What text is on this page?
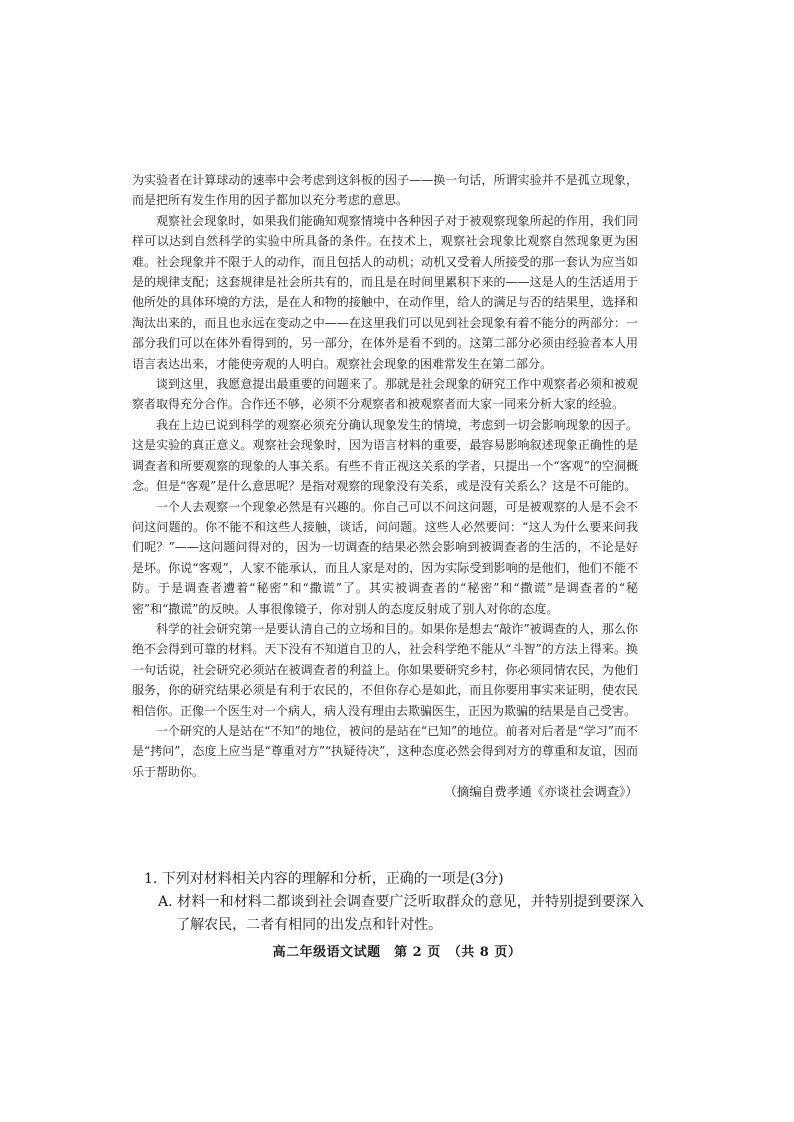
为实验者在计算球动的速率中会考虑到这斜板的因子——换一句话，所谓实验并不是孤立现象，而是把所有发生作用的因子都加以充分考虑的意思。

观察社会现象时，如果我们能确知观察情境中各种因子对于被观察现象所起的作用，我们同样可以达到自然科学的实验中所具备的条件。在技术上，观察社会现象比观察自然现象更为困难。社会现象并不限于人的动作，而且包括人的动机；动机又受着人所接受的那一套认为应当如是的规律支配；这套规律是社会所共有的，而且是在时间里累积下来的——这是人的生活适用于他所处的具体环境的方法，是在人和物的接触中，在动作里，给人的满足与否的结果里，选择和淘汰出来的，而且也永远在变动之中——在这里我们可以见到社会现象有着不能分的两部分：一部分我们可以在体外看得到的，另一部分，在体外是看不到的。这第二部分必须由经验者本人用语言表达出来，才能使旁观的人明白。观察社会现象的困难常发生在第二部分。

谈到这里，我愿意提出最重要的问题来了。那就是社会现象的研究工作中观察者必须和被观察者取得充分合作。合作还不够，必须不分观察者和被观察者而大家一同来分析大家的经验。

我在上边已说到科学的观察必须充分确认现象发生的情境，考虑到一切会影响现象的因子。这是实验的真正意义。观察社会现象时，因为语言材料的重要，最容易影响叙述现象正确性的是调查者和所要观察的现象的人事关系。有些不肯正视这关系的学者，只提出一个“客观”的空洞概念。但是“客观”是什么意思呢？是指对观察的现象没有关系，或是没有关系么？这是不可能的。

一个人去观察一个现象必然是有兴趣的。你自己可以不问这问题，可是被观察的人是不会不问这问题的。你不能不和这些人接触，谈话，问问题。这些人必然要问：“这人为什么要来问我们呢？”——这问题问得对的，因为一切调查的结果必然会影响到被调查者的生活的，不论是好是坏。你说“客观”，人家不能承认，而且人家是对的，因为实际受到影响的是他们，他们不能不防。于是调查者遭着“秘密”和“撒谎”了。其实被调查者的“秘密”和“撒谎”是调查者的“秘密”和“撒谎”的反映。人事很像镜子，你对别人的态度反射成了别人对你的态度。

科学的社会研究第一是要认清自己的立场和目的。如果你是想去“敲诈”被调查的人，那么你绝不会得到可靠的材料。天下没有不知道自卫的人，社会科学绝不能从“斗智”的方法上得来。换一句话说，社会研究必须站在被调查者的利益上。你如果要研究乡村，你必须同情农民，为他们服务，你的研究结果必须是有利于农民的，不但你存心是如此，而且你要用事实来证明，使农民相信你。正像一个医生对一个病人，病人没有理由去欺骗医生，正因为欺骗的结果是自己受害。

一个研究的人是站在“不知”的地位，被问的是站在“已知”的地位。前者对后者是“学习”而不是“拷问”，态度上应当是“尊重对方”“执疑待决”，这种态度必然会得到对方的尊重和友谊，因而乐于帮助你。

（摘编自费孝通《亦谈社会调查》）

1. 下列对材料相关内容的理解和分析，正确的一项是(3分)

A. 材料一和材料二都谈到社会调查要广泛听取群众的意见，并特别提到要深入了解农民，二者有相同的出发点和针对性。

高二年级语文试题　第 2 页　（共 8 页）
